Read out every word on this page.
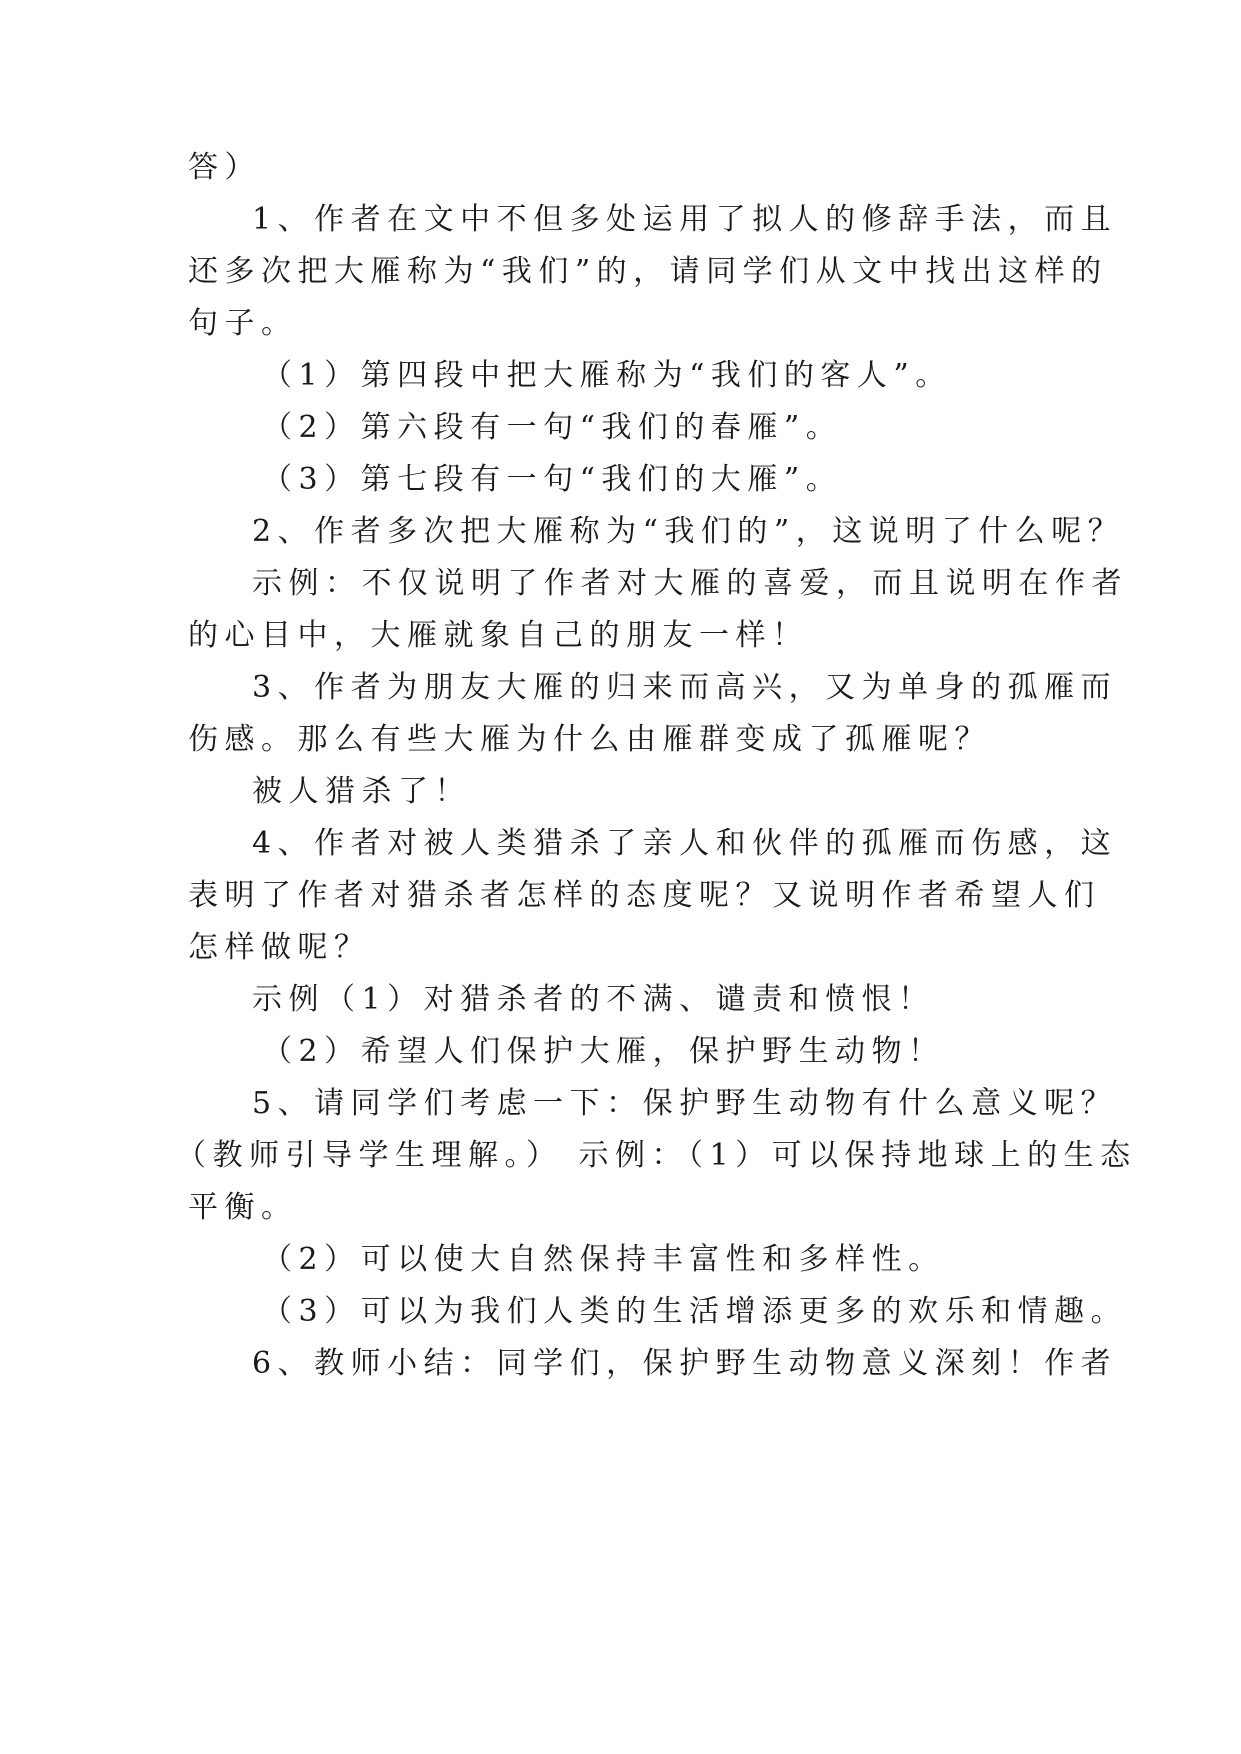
答）
1、作者在文中不但多处运用了拟人的修辞手法，而且
还多次把大雁称为“我们”的，请同学们从文中找出这样的
句子。
（1）第四段中把大雁称为“我们的客人”。
（2）第六段有一句“我们的春雁”。
（3）第七段有一句“我们的大雁”。
2、作者多次把大雁称为“我们的”，这说明了什么呢？
示例：不仅说明了作者对大雁的喜爱，而且说明在作者
的心目中，大雁就象自己的朋友一样！
3、作者为朋友大雁的归来而高兴，又为单身的孤雁而
伤感。那么有些大雁为什么由雁群变成了孤雁呢？
被人猎杀了！
4、作者对被人类猎杀了亲人和伙伴的孤雁而伤感，这
表明了作者对猎杀者怎样的态度呢？又说明作者希望人们
怎样做呢？
示例（1）对猎杀者的不满、谴责和愤恨！
（2）希望人们保护大雁，保护野生动物！
5、请同学们考虑一下：保护野生动物有什么意义呢？
（教师引导学生理解。） 示例：（1）可以保持地球上的生态
平衡。
（2）可以使大自然保持丰富性和多样性。
（3）可以为我们人类的生活增添更多的欢乐和情趣。
6、教师小结：同学们，保护野生动物意义深刻！作者
